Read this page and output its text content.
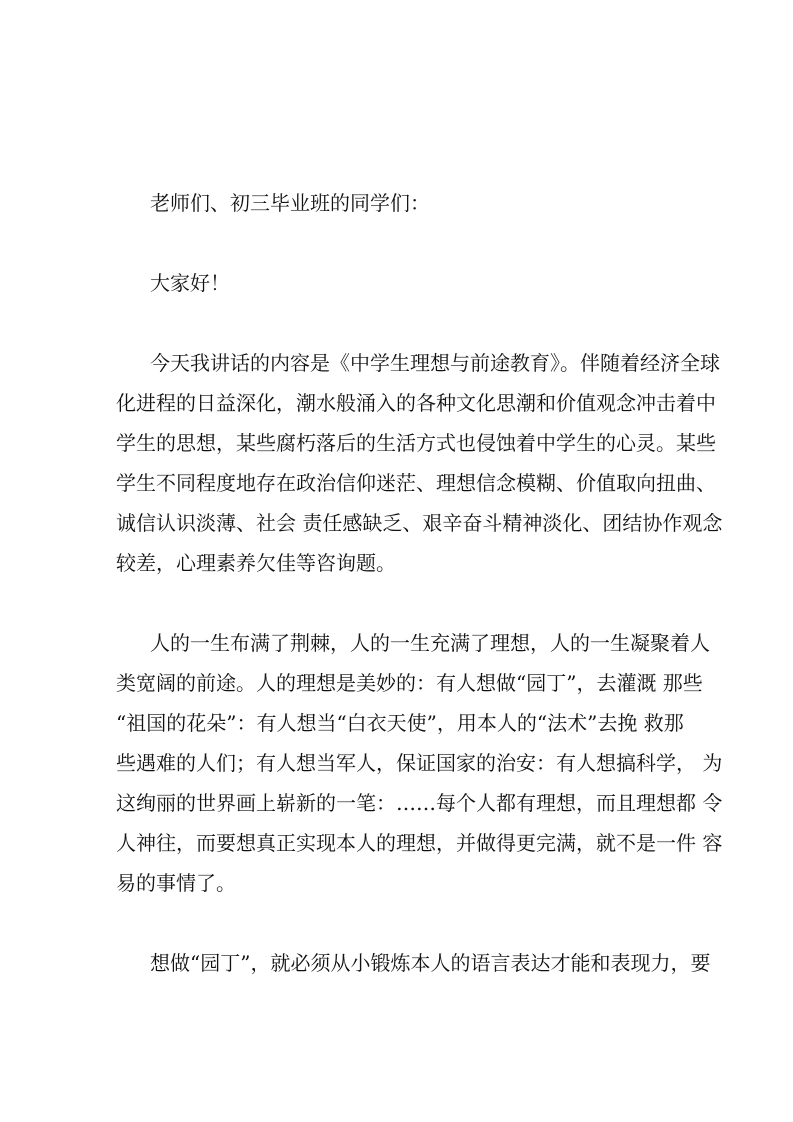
老师们、初三毕业班的同学们：

大家好！

今天我讲话的内容是《中学生理想与前途教育》。伴随着经济全球
化进程的日益深化，潮水般涌入的各种文化思潮和价值观念冲击着中
学生的思想，某些腐朽落后的生活方式也侵蚀着中学生的心灵。某些
学生不同程度地存在政治信仰迷茫、理想信念模糊、价值取向扭曲、
诚信认识淡薄、社会 责任感缺乏、艰辛奋斗精神淡化、团结协作观念
较差，心理素养欠佳等咨询题。

人的一生布满了荆棘，人的一生充满了理想，人的一生凝聚着人
类宽阔的前途。人的理想是美妙的：有人想做“园丁”，去灌溉 那些
“祖国的花朵”：有人想当“白衣天使”，用本人的“法术”去挽 救那
些遇难的人们；有人想当军人，保证国家的治安：有人想搞科学， 为
这绚丽的世界画上崭新的一笔：……每个人都有理想，而且理想都 令
人神往，而要想真正实现本人的理想，并做得更完满，就不是一件 容
易的事情了。

想做“园丁”，就必须从小锻炼本人的语言表达才能和表现力，要
